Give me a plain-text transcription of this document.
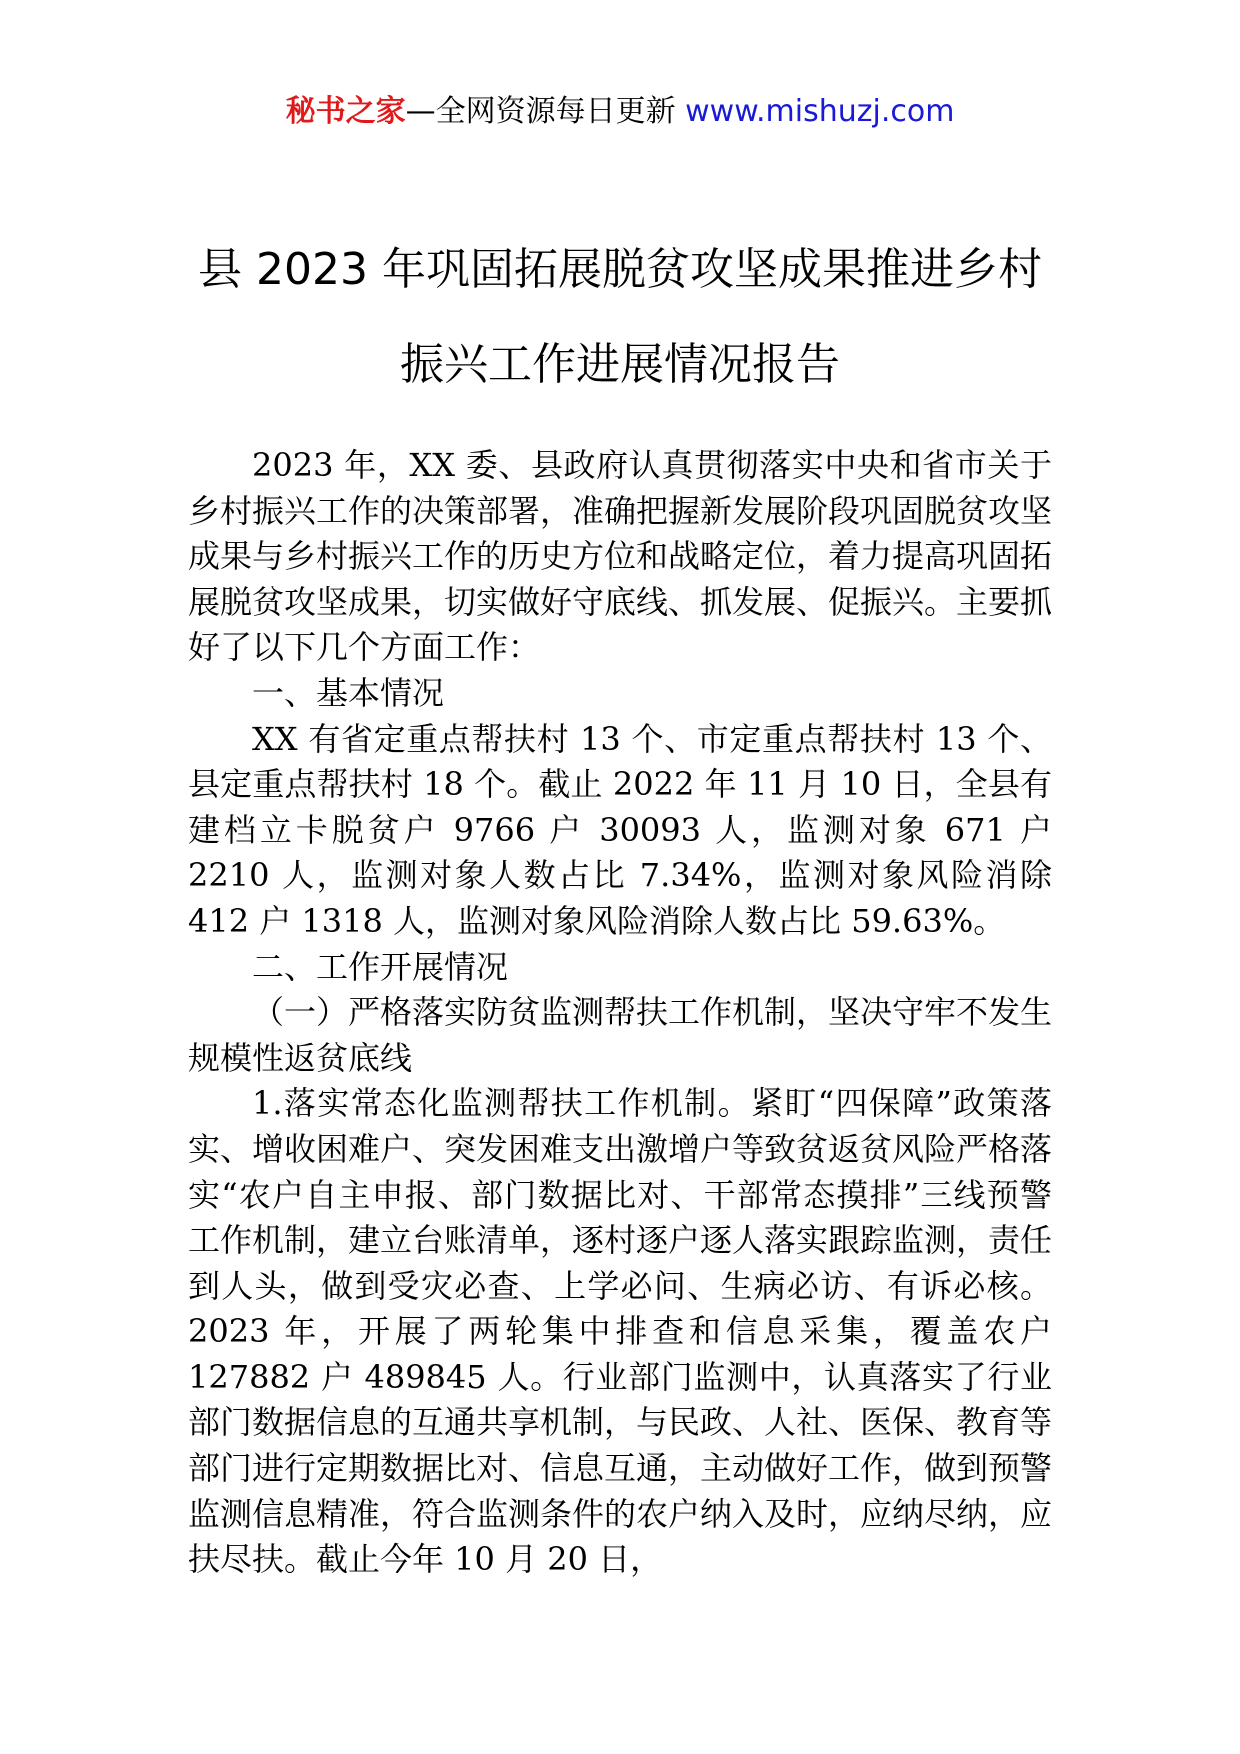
秘书之家—全网资源每日更新 www.mishuzj.com
县 2023 年巩固拓展脱贫攻坚成果推进乡村
振兴工作进展情况报告

2023 年，XX 委、县政府认真贯彻落实中央和省市关于乡村振兴工作的决策部署，准确把握新发展阶段巩固脱贫攻坚成果与乡村振兴工作的历史方位和战略定位，着力提高巩固拓展脱贫攻坚成果，切实做好守底线、抓发展、促振兴。主要抓好了以下几个方面工作：

一、基本情况

XX 有省定重点帮扶村 13 个、市定重点帮扶村 13 个、县定重点帮扶村 18 个。截止 2022 年 11 月 10 日，全县有建档立卡脱贫户 9766 户 30093 人，监测对象 671 户 2210 人，监测对象人数占比 7.34%，监测对象风险消除 412 户 1318 人，监测对象风险消除人数占比 59.63%。

二、工作开展情况

（一）严格落实防贫监测帮扶工作机制，坚决守牢不发生规模性返贫底线

1.落实常态化监测帮扶工作机制。紧盯“四保障”政策落实、增收困难户、突发困难支出激增户等致贫返贫风险严格落实“农户自主申报、部门数据比对、干部常态摸排”三线预警工作机制，建立台账清单，逐村逐户逐人落实跟踪监测，责任到人头，做到受灾必查、上学必问、生病必访、有诉必核。2023 年，开展了两轮集中排查和信息采集，覆盖农户 127882 户 489845 人。行业部门监测中，认真落实了行业部门数据信息的互通共享机制，与民政、人社、医保、教育等部门进行定期数据比对、信息互通，主动做好工作，做到预警监测信息精准，符合监测条件的农户纳入及时，应纳尽纳，应扶尽扶。截止今年 10 月 20 日，
